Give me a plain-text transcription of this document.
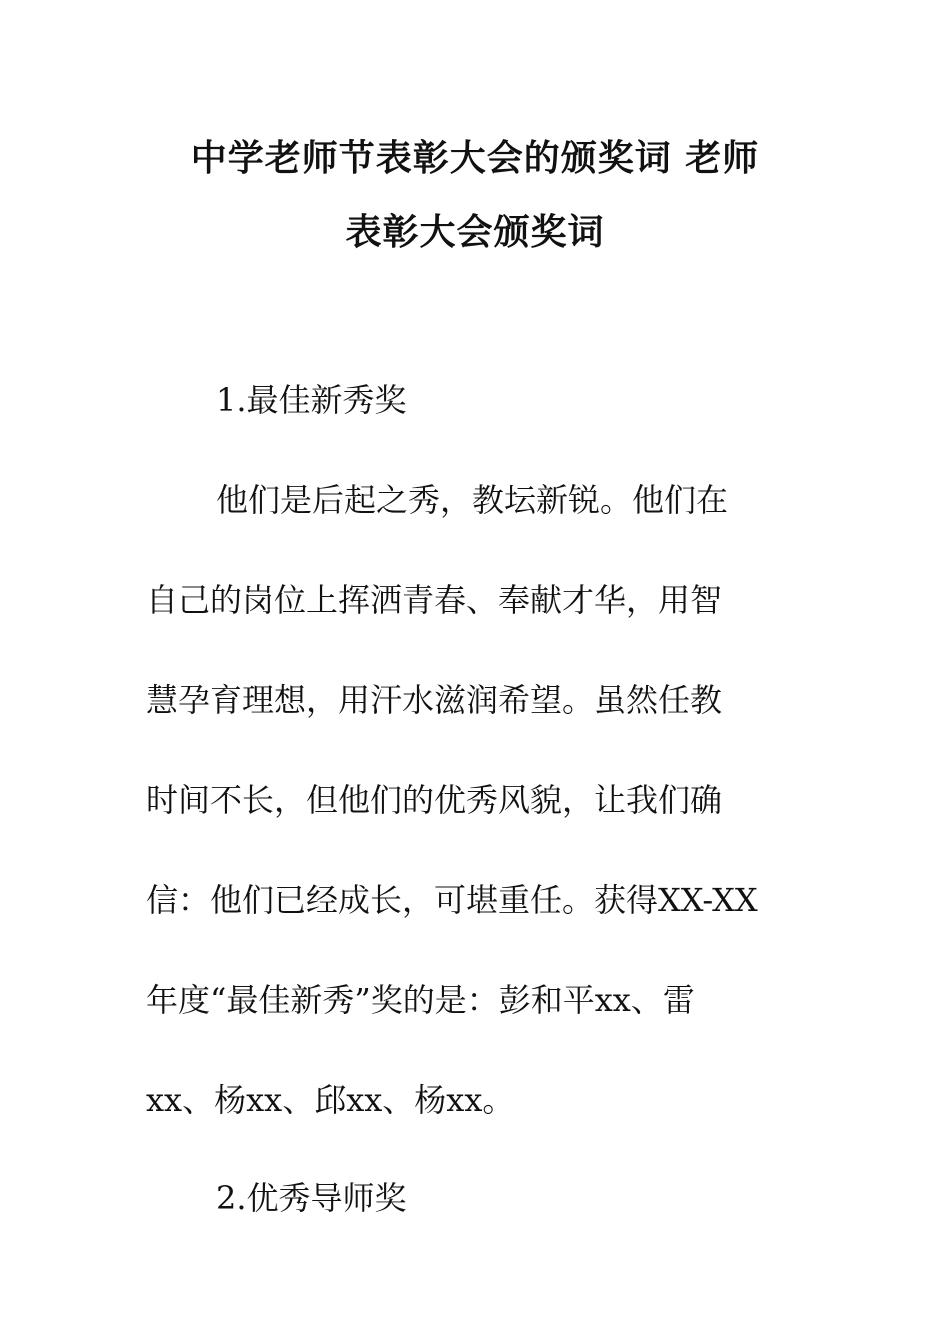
中学老师节表彰大会的颁奖词 老师
表彰大会颁奖词
1.最佳新秀奖
他们是后起之秀，教坛新锐。他们在
自己的岗位上挥洒青春、奉献才华，用智
慧孕育理想，用汗水滋润希望。虽然任教
时间不长，但他们的优秀风貌，让我们确
信：他们已经成长，可堪重任。获得XX-XX
年度“最佳新秀”奖的是：彭和平xx、雷
xx、杨xx、邱xx、杨xx。
2.优秀导师奖
